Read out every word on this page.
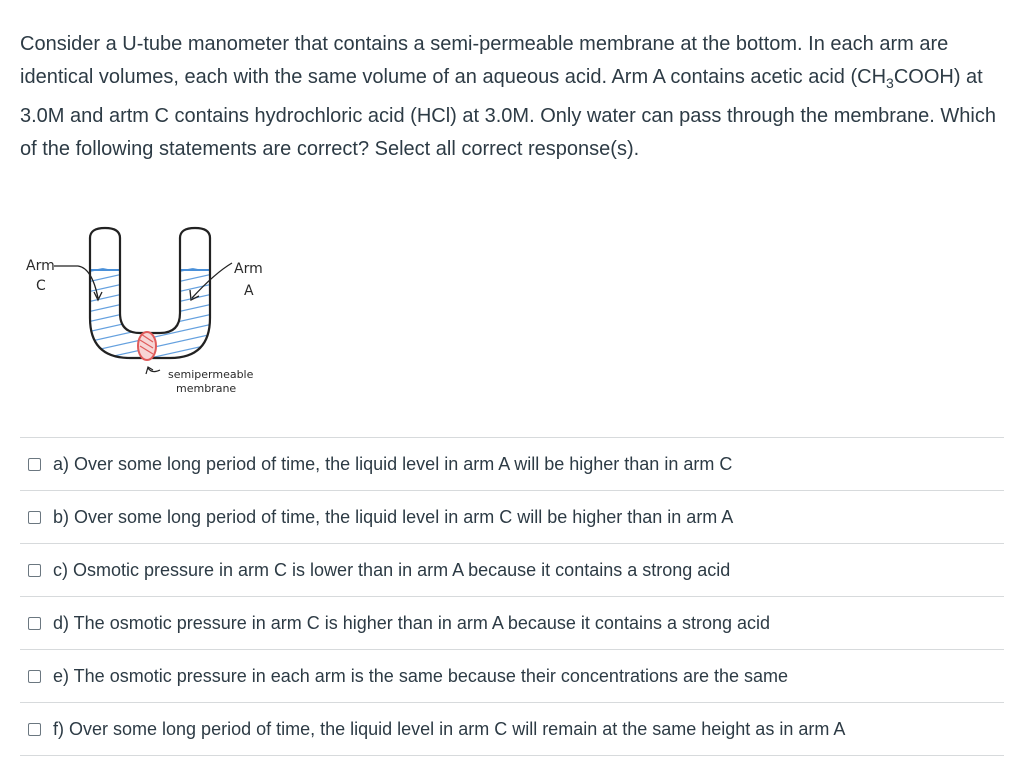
Consider a U-tube manometer that contains a semi-permeable membrane at the bottom. In each arm are identical volumes, each with the same volume of an aqueous acid. Arm A contains acetic acid $(CH_3COOH)$ at 3.0M and artm C contains hydrochloric acid (HCl) at 3.0M. Only water can pass through the membrane. Which of the following statements are correct? Select all correct response(s).

Arm
C
Arm
A
semipermeable
membrane
a) Over some long period of time, the liquid level in arm A will be higher than in arm C
b) Over some long period of time, the liquid level in arm C will be higher than in arm A
c) Osmotic pressure in arm C is lower than in arm A because it contains a strong acid
d) The osmotic pressure in arm C is higher than in arm A because it contains a strong acid
e) The osmotic pressure in each arm is the same because their concentrations are the same
f) Over some long period of time, the liquid level in arm C will remain at the same height as in arm A
